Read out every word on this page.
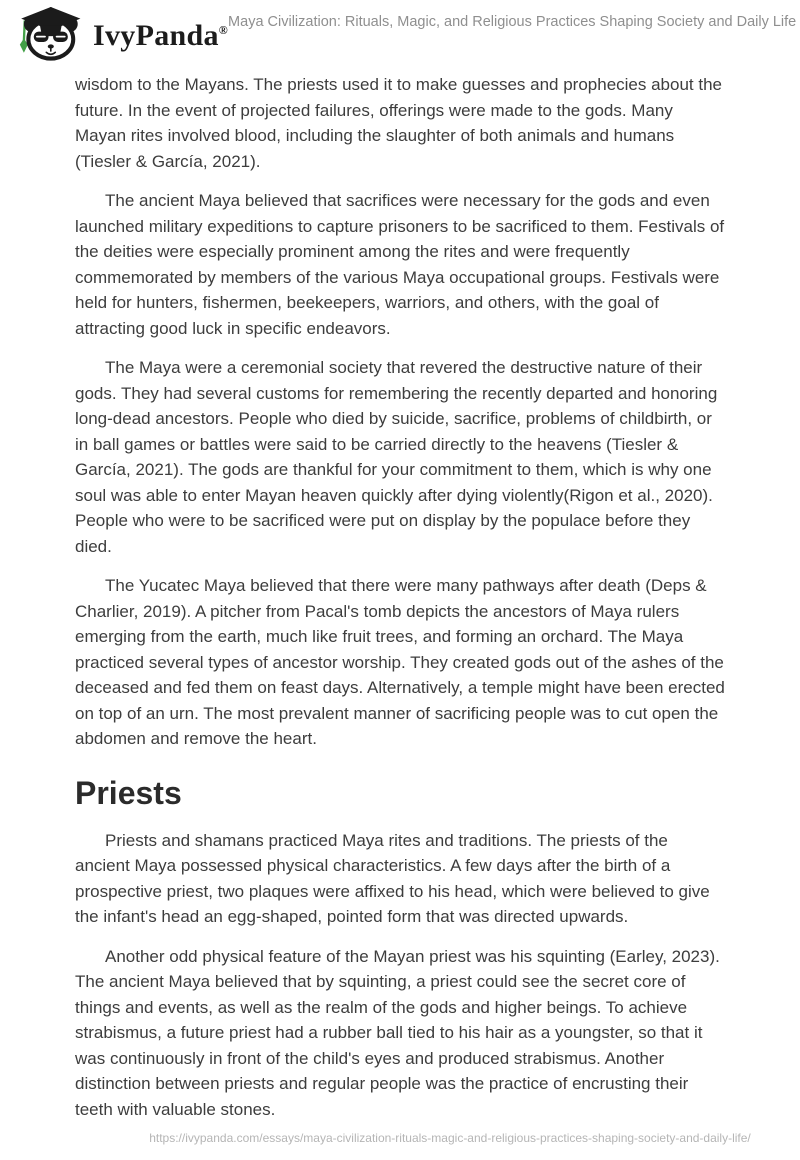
IvyPanda® Maya Civilization: Rituals, Magic, and Religious Practices Shaping Society and Daily Life

wisdom to the Mayans. The priests used it to make guesses and prophecies about the future. In the event of projected failures, offerings were made to the gods. Many Mayan rites involved blood, including the slaughter of both animals and humans (Tiesler & García, 2021).

The ancient Maya believed that sacrifices were necessary for the gods and even launched military expeditions to capture prisoners to be sacrificed to them. Festivals of the deities were especially prominent among the rites and were frequently commemorated by members of the various Maya occupational groups. Festivals were held for hunters, fishermen, beekeepers, warriors, and others, with the goal of attracting good luck in specific endeavors.

The Maya were a ceremonial society that revered the destructive nature of their gods. They had several customs for remembering the recently departed and honoring long-dead ancestors. People who died by suicide, sacrifice, problems of childbirth, or in ball games or battles were said to be carried directly to the heavens (Tiesler & García, 2021). The gods are thankful for your commitment to them, which is why one soul was able to enter Mayan heaven quickly after dying violently(Rigon et al., 2020). People who were to be sacrificed were put on display by the populace before they died.

The Yucatec Maya believed that there were many pathways after death (Deps & Charlier, 2019). A pitcher from Pacal's tomb depicts the ancestors of Maya rulers emerging from the earth, much like fruit trees, and forming an orchard. The Maya practiced several types of ancestor worship. They created gods out of the ashes of the deceased and fed them on feast days. Alternatively, a temple might have been erected on top of an urn. The most prevalent manner of sacrificing people was to cut open the abdomen and remove the heart.

Priests

Priests and shamans practiced Maya rites and traditions. The priests of the ancient Maya possessed physical characteristics. A few days after the birth of a prospective priest, two plaques were affixed to his head, which were believed to give the infant's head an egg-shaped, pointed form that was directed upwards.

Another odd physical feature of the Mayan priest was his squinting (Earley, 2023). The ancient Maya believed that by squinting, a priest could see the secret core of things and events, as well as the realm of the gods and higher beings. To achieve strabismus, a future priest had a rubber ball tied to his hair as a youngster, so that it was continuously in front of the child's eyes and produced strabismus. Another distinction between priests and regular people was the practice of encrusting their teeth with valuable stones.

https://ivypanda.com/essays/maya-civilization-rituals-magic-and-religious-practices-shaping-society-and-daily-life/
